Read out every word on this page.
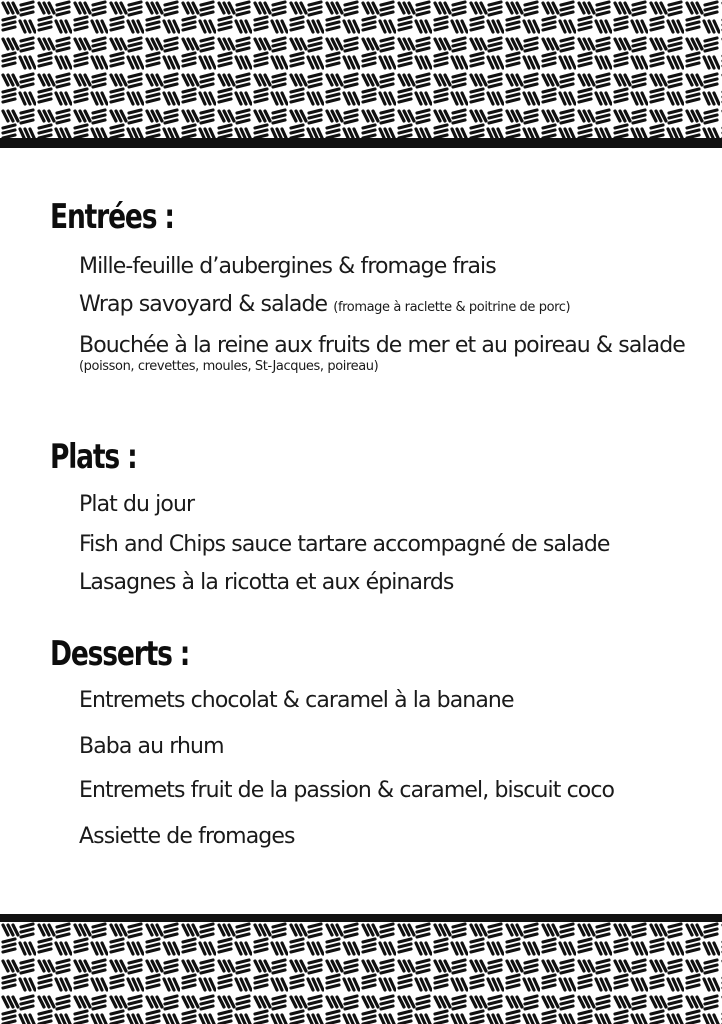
Entrées :
Mille-feuille d’aubergines & fromage frais
Wrap savoyard & salade (fromage à raclette & poitrine de porc)
Bouchée à la reine aux fruits de mer et au poireau & salade
(poisson, crevettes, moules, St-Jacques, poireau)
Plats :
Plat du jour
Fish and Chips sauce tartare accompagné de salade
Lasagnes à la ricotta et aux épinards
Desserts :
Entremets chocolat & caramel à la banane
Baba au rhum
Entremets fruit de la passion & caramel, biscuit coco
Assiette de fromages
